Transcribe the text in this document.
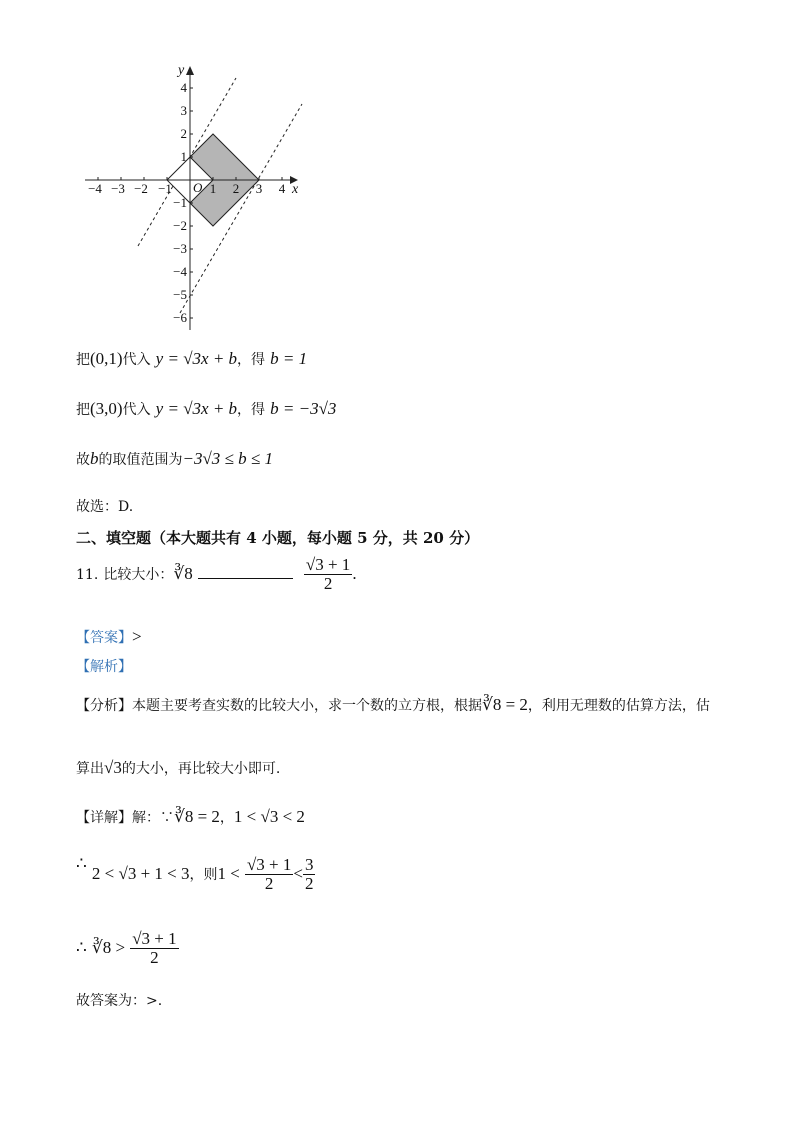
−4 −3 −2 −1	1 2 3 4
4
3
2
1
−1
−2
−3
−4
−5
−6
x
y
O
把(0,1)代入 y = √3x + b，得 b = 1
把(3,0)代入 y = √3x + b，得 b = −3√3
故b的取值范围为−3√3 ≤ b ≤ 1
故选：D.
二、填空题（本大题共有 4 小题，每小题 5 分，共 20 分）
11. 比较大小：∛8	$\frac{√3 + 1}{2}$ .
【答案】>
【解析】
【分析】本题主要考查实数的比较大小，求一个数的立方根，根据∛8 = 2，利用无理数的估算方法，估
算出√3的大小，再比较大小即可.
【详解】解：∵∛8 = 2，1 < √3 < 2
∴ 2 < √3 + 1 < 3，则$1 < \frac{√3 + 1}{2} < \frac{3}{2}$
∴ ∛8 > $\frac{√3 + 1}{2}$
故答案为：>.
